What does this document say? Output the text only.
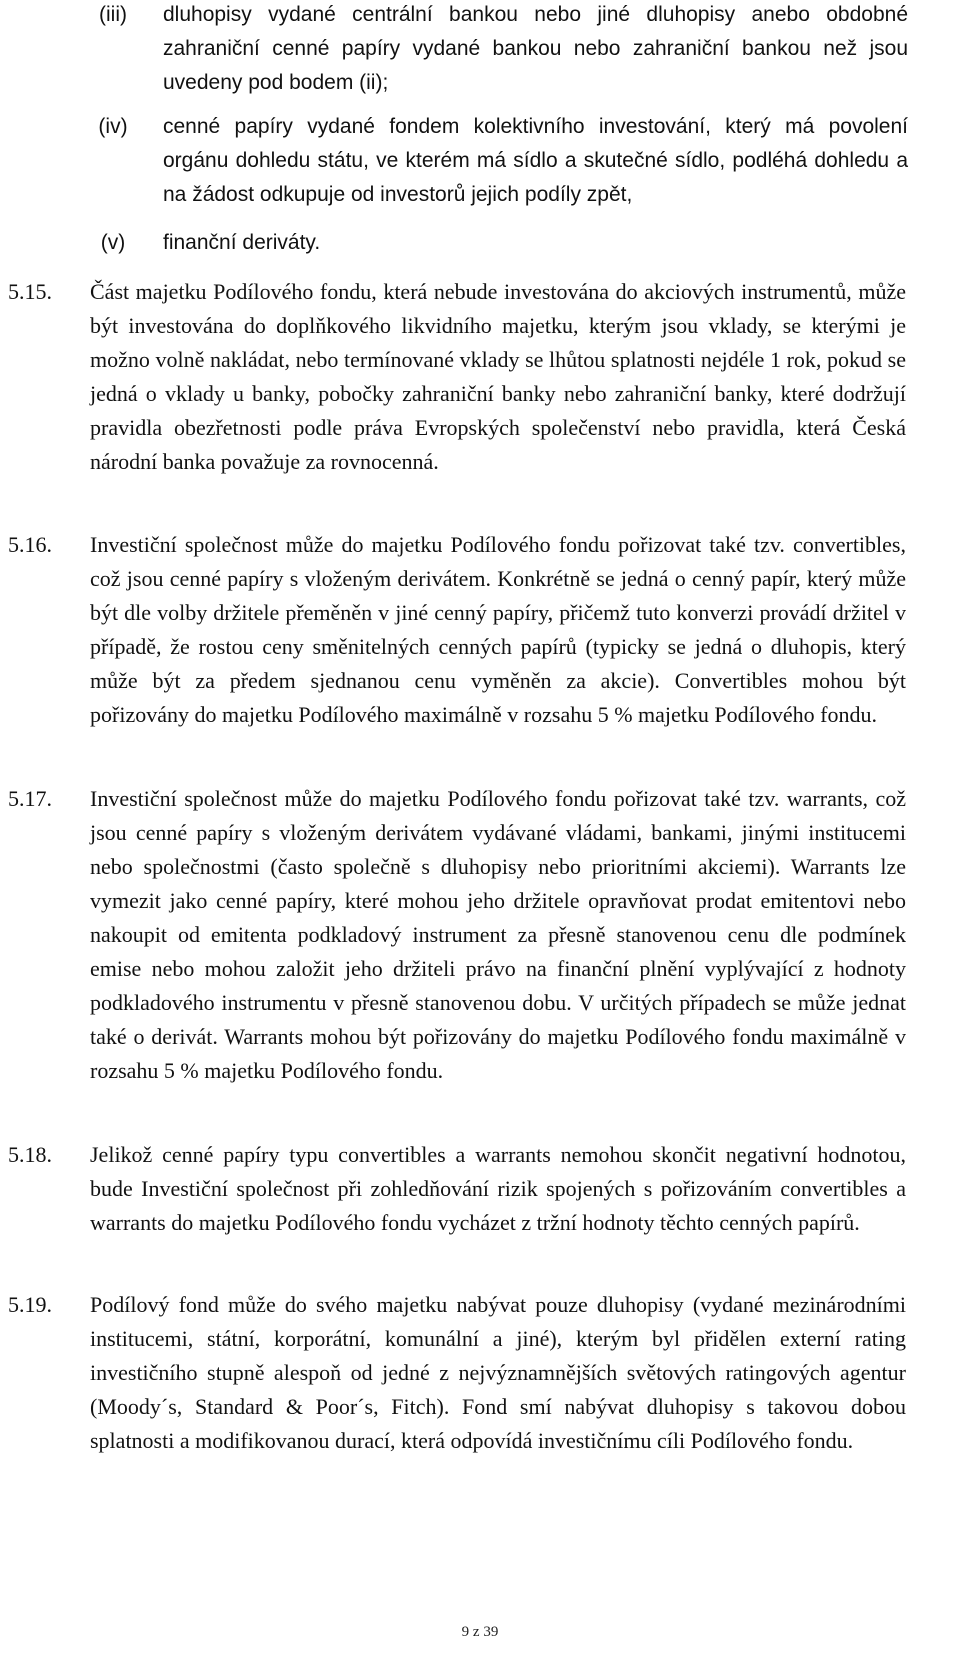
(iii)	dluhopisy vydané centrální bankou nebo jiné dluhopisy anebo obdobné zahraniční cenné papíry vydané bankou nebo zahraniční bankou než jsou uvedeny pod bodem (ii);

(iv)	cenné papíry vydané fondem kolektivního investování, který má povolení orgánu dohledu státu, ve kterém má sídlo a skutečné sídlo, podléhá dohledu a na žádost odkupuje od investorů jejich podíly zpět,

(v)	finanční deriváty.

5.15.	Část majetku Podílového fondu, která nebude investována do akciových instrumentů, může být investována do doplňkového likvidního majetku, kterým jsou vklady, se kterými je možno volně nakládat, nebo termínované vklady se lhůtou splatnosti nejdéle 1 rok, pokud se jedná o vklady u banky, pobočky zahraniční banky nebo zahraniční banky, které dodržují pravidla obezřetnosti podle práva Evropských společenství nebo pravidla, která Česká národní banka považuje za rovnocenná.

5.16.	Investiční společnost může do majetku Podílového fondu pořizovat také tzv. convertibles, což jsou cenné papíry s vloženým derivátem. Konkrétně se jedná o cenný papír, který může být dle volby držitele přeměněn v jiné cenný papíry, přičemž tuto konverzi provádí držitel v případě, že rostou ceny směnitelných cenných papírů (typicky se jedná o dluhopis, který může být za předem sjednanou cenu vyměněn za akcie). Convertibles mohou být pořizovány do majetku Podílového maximálně v rozsahu 5 % majetku Podílového fondu.

5.17.	Investiční společnost může do majetku Podílového fondu pořizovat také tzv. warrants, což jsou cenné papíry s vloženým derivátem vydávané vládami, bankami, jinými institucemi nebo společnostmi (často společně s dluhopisy nebo prioritními akciemi). Warrants lze vymezit jako cenné papíry, které mohou jeho držitele opravňovat prodat emitentovi nebo nakoupit od emitenta podkladový instrument za přesně stanovenou cenu dle podmínek emise nebo mohou založit jeho držiteli právo na finanční plnění vyplývající z hodnoty podkladového instrumentu v přesně stanovenou dobu. V určitých případech se může jednat také o derivát. Warrants mohou být pořizovány do majetku Podílového fondu maximálně v rozsahu 5 % majetku Podílového fondu.

5.18.	Jelikož cenné papíry typu convertibles a warrants nemohou skončit negativní hodnotou, bude Investiční společnost při zohledňování rizik spojených s pořizováním convertibles a warrants do majetku Podílového fondu vycházet z tržní hodnoty těchto cenných papírů.

5.19.	Podílový fond může do svého majetku nabývat pouze dluhopisy (vydané mezinárodními institucemi, státní, korporátní, komunální a jiné), kterým byl přidělen externí rating investičního stupně alespoň od jedné z nejvýznamnějších světových ratingových agentur (Moody´s, Standard & Poor´s, Fitch). Fond smí nabývat dluhopisy s takovou dobou splatnosti a modifikovanou durací, která odpovídá investičnímu cíli Podílového fondu.

9 z 39
